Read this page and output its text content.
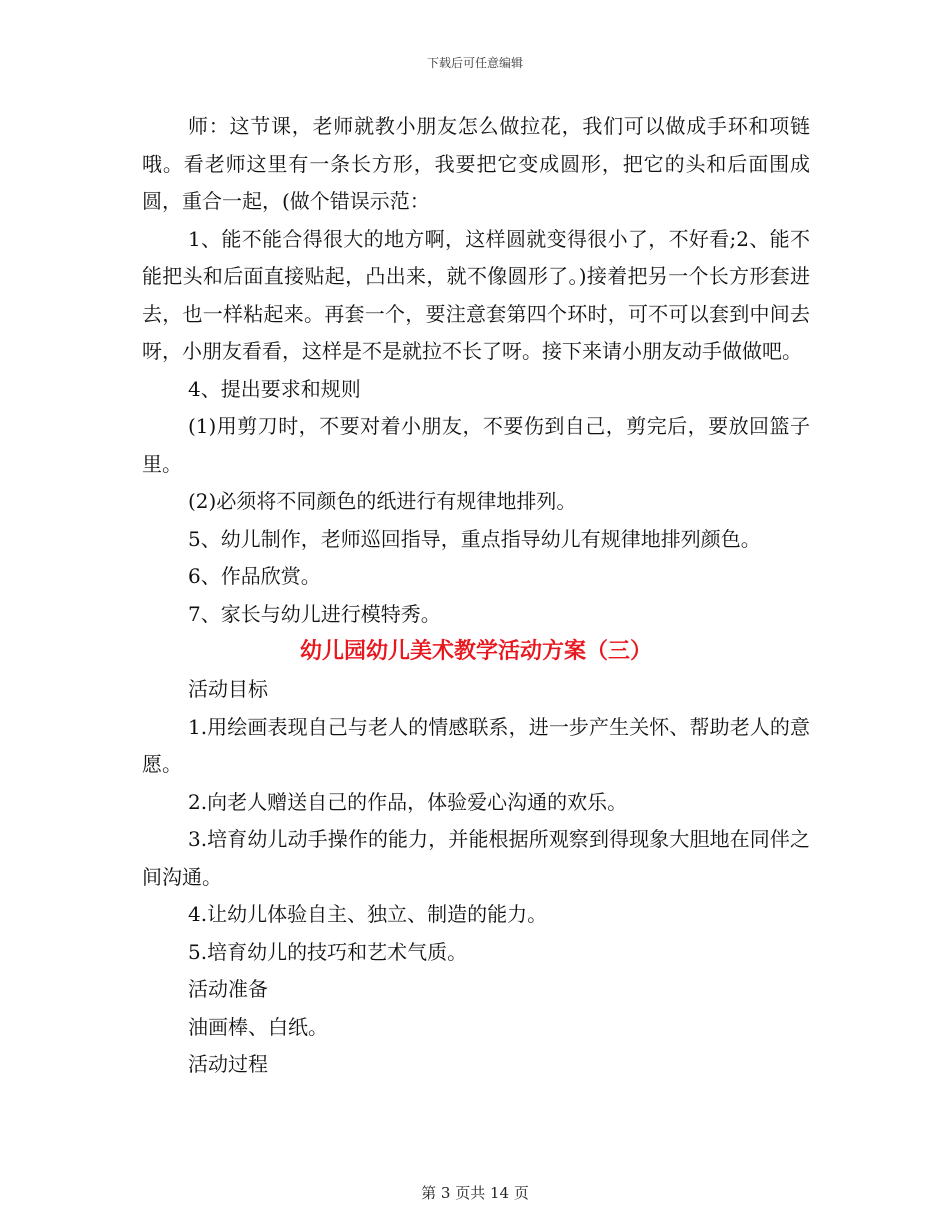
下载后可任意编辑

师：这节课，老师就教小朋友怎么做拉花，我们可以做成手环和项链哦。看老师这里有一条长方形，我要把它变成圆形，把它的头和后面围成圆，重合一起，(做个错误示范：

1、能不能合得很大的地方啊，这样圆就变得很小了，不好看;2、能不能把头和后面直接贴起，凸出来，就不像圆形了。)接着把另一个长方形套进去，也一样粘起来。再套一个，要注意套第四个环时，可不可以套到中间去呀，小朋友看看，这样是不是就拉不长了呀。接下来请小朋友动手做做吧。

4、提出要求和规则

(1)用剪刀时，不要对着小朋友，不要伤到自己，剪完后，要放回篮子里。

(2)必须将不同颜色的纸进行有规律地排列。

5、幼儿制作，老师巡回指导，重点指导幼儿有规律地排列颜色。

6、作品欣赏。

7、家长与幼儿进行模特秀。

幼儿园幼儿美术教学活动方案（三）

活动目标

1.用绘画表现自己与老人的情感联系，进一步产生关怀、帮助老人的意愿。

2.向老人赠送自己的作品，体验爱心沟通的欢乐。

3.培育幼儿动手操作的能力，并能根据所观察到得现象大胆地在同伴之间沟通。

4.让幼儿体验自主、独立、制造的能力。

5.培育幼儿的技巧和艺术气质。

活动准备

油画棒、白纸。

活动过程

第 3 页共 14 页
